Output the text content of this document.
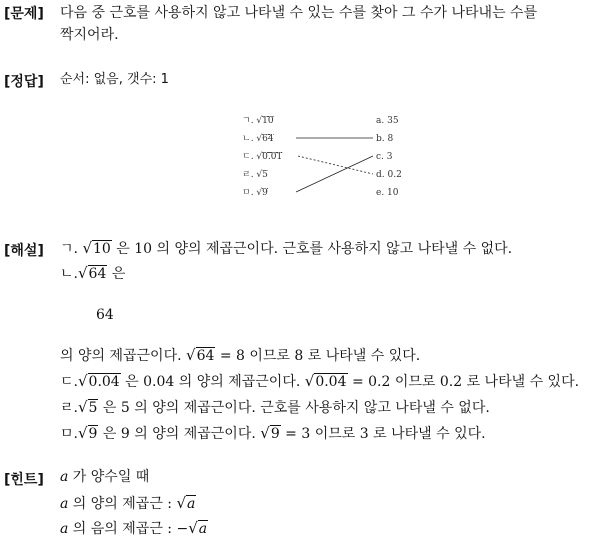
[문제] 다음 중 근호를 사용하지 않고 나타낼 수 있는 수를 찾아 그 수가 나타내는 수를
짝지어라.
[정답] 순서: 없음, 갯수: 1
ㄱ. √10
ㄴ. √64
ㄷ. √0.01
ㄹ. √5
ㅁ. √9
a. 35
b. 8
c. 3
d. 0.2
e. 10
[해설] ㄱ. √10 은 10 의 양의 제곱근이다. 근호를 사용하지 않고 나타낼 수 없다.
ㄴ.√64 은
64
의 양의 제곱근이다. √64 = 8 이므로 8 로 나타낼 수 있다.
ㄷ.√0.04 은 0.04 의 양의 제곱근이다. √0.04 = 0.2 이므로 0.2 로 나타낼 수 있다.
ㄹ.√5 은 5 의 양의 제곱근이다. 근호를 사용하지 않고 나타낼 수 없다.
ㅁ.√9 은 9 의 양의 제곱근이다. √9 = 3 이므로 3 로 나타낼 수 있다.
[힌트] a 가 양수일 때
a 의 양의 제곱근 : √a
a 의 음의 제곱근 : −√a
